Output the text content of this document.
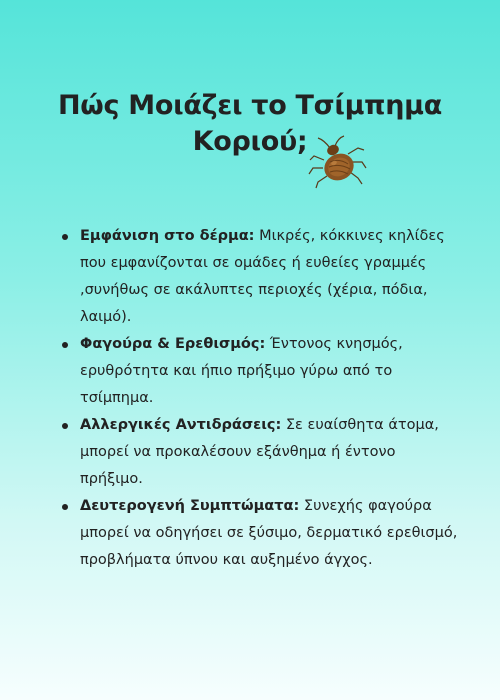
Πώς Μοιάζει το Τσίμπημα
Κοριού;
Εμφάνιση στο δέρμα: Μικρές, κόκκινες κηλίδες που εμφανίζονται σε ομάδες ή ευθείες γραμμές ,συνήθως σε ακάλυπτες περιοχές (χέρια, πόδια, λαιμό).
Φαγούρα & Ερεθισμός: Έντονος κνησμός, ερυθρότητα και ήπιο πρήξιμο γύρω από το τσίμπημα.
Αλλεργικές Αντιδράσεις: Σε ευαίσθητα άτομα, μπορεί να προκαλέσουν εξάνθημα ή έντονο πρήξιμο.
Δευτερογενή Συμπτώματα: Συνεχής φαγούρα μπορεί να οδηγήσει σε ξύσιμο, δερματικό ερεθισμό, προβλήματα ύπνου και αυξημένο άγχος.
